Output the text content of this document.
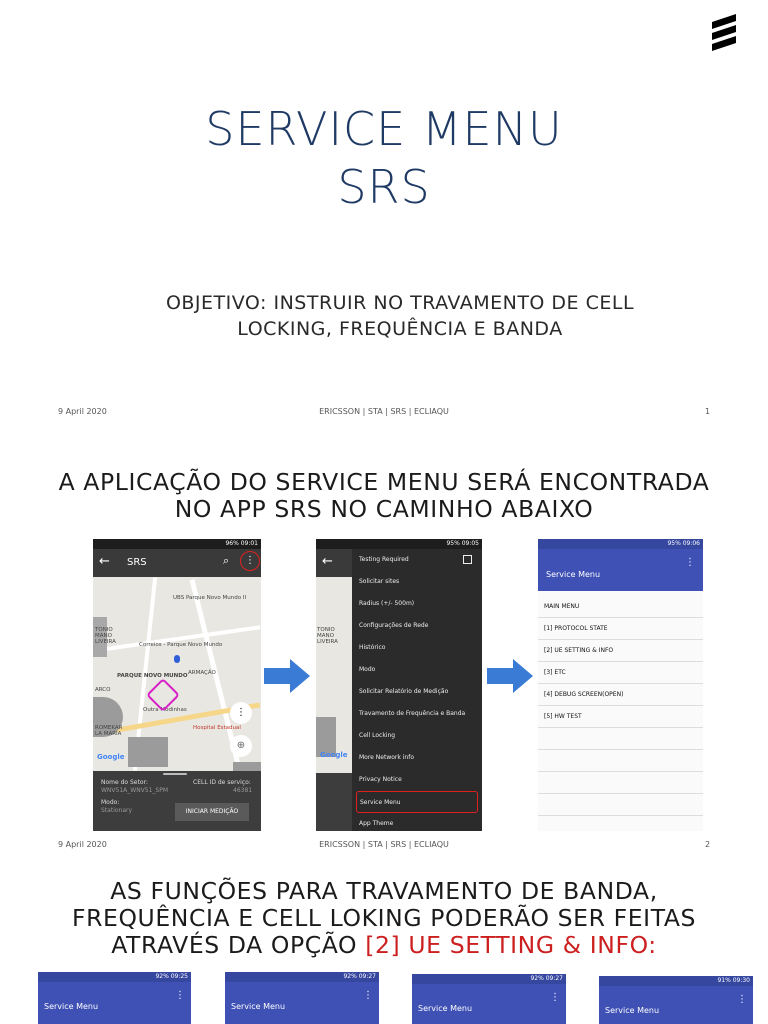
SERVICE MENU
SRS
OBJETIVO: INSTRUIR NO TRAVAMENTO DE CELL
LOCKING, FREQUÊNCIA E BANDA
9 April 2020	ERICSSON | STA | SRS | ECLIAQU	1
A APLICAÇÃO DO SERVICE MENU SERÁ ENCONTRADA
NO APP SRS NO CAMINHO ABAIXO
96% 09:01
← SRS	⌕	⋮
UBS Parque Novo Mundo II
Correios - Parque Novo Mundo
PARQUE NOVO MUNDO ARMAÇÃO
Outra Modinhas
TONIO MANO LIVEIRA
ARCO
ROMEKAR LA MARIA
Hospital Estadual
Google
⋮
⊕
Nome do Setor:
WNV51A_WNV51_SPM
CELL ID de serviço:
46381
Modo:
Stationary	INICIAR MEDIÇÃO
95% 09:05
←
TONIO MANO LIVEIRA
Google
Testing Required
Solicitar sites
Radius (+/- 500m)
Configurações de Rede
Histórico
Modo
Solicitar Relatório de Medição
Travamento de Frequência e Banda
Cell Locking
More Network info
Privacy Notice
Service Menu
App Theme
95% 09:06
Service Menu
⋮
MAIN MENU
[1] PROTOCOL STATE
[2] UE SETTING & INFO
[3] ETC
[4] DEBUG SCREEN(OPEN)
[5] HW TEST
9 April 2020	ERICSSON | STA | SRS | ECLIAQU	2
AS FUNÇÕES PARA TRAVAMENTO DE BANDA,
FREQUÊNCIA E CELL LOKING PODERÃO SER FEITAS
ATRAVÉS DA OPÇÃO [2] UE SETTING & INFO:
92% 09:25
Service Menu
⋮
92% 09:27
Service Menu
⋮
92% 09:27
Service Menu
⋮
91% 09:30
Service Menu
⋮
